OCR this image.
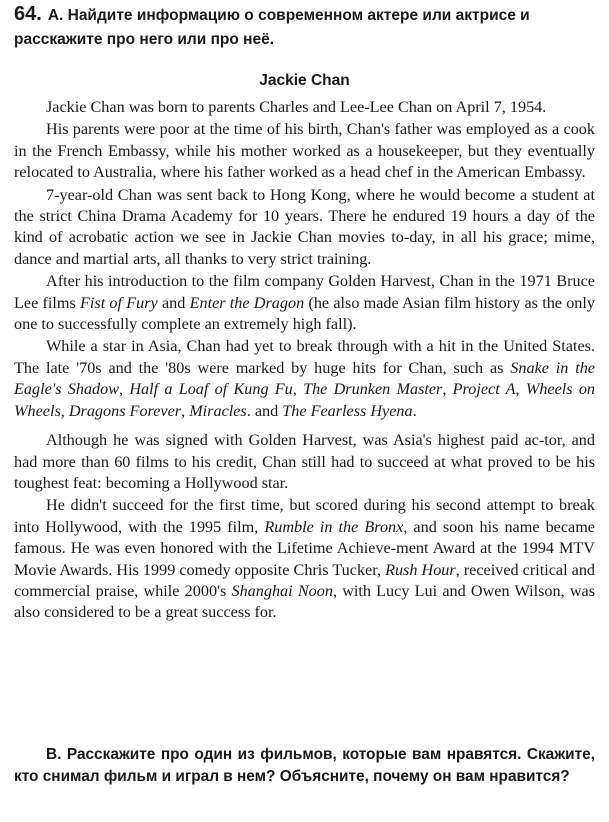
64. А. Найдите информацию о современном актере или актрисе и расскажите про него или про неё.
Jackie Chan

Jackie Chan was born to parents Charles and Lee-Lee Chan on April 7, 1954.

His parents were poor at the time of his birth, Chan's father was employed as a cook in the French Embassy, while his mother worked as a housekeeper, but they eventually relocated to Australia, where his father worked as a head chef in the American Embassy.

7-year-old Chan was sent back to Hong Kong, where he would become a student at the strict China Drama Academy for 10 years. There he endured 19 hours a day of the kind of acrobatic action we see in Jackie Chan movies to-day, in all his grace; mime, dance and martial arts, all thanks to very strict training.

After his introduction to the film company Golden Harvest, Chan in the 1971 Bruce Lee films Fist of Fury and Enter the Dragon (he also made Asian film history as the only one to successfully complete an extremely high fall).

While a star in Asia, Chan had yet to break through with a hit in the United States. The late '70s and the '80s were marked by huge hits for Chan, such as Snake in the Eagle's Shadow, Half a Loaf of Kung Fu, The Drunken Master, Project A, Wheels on Wheels, Dragons Forever, Miracles. and The Fearless Hyena.

Although he was signed with Golden Harvest, was Asia's highest paid ac-tor, and had more than 60 films to his credit, Chan still had to succeed at what proved to be his toughest feat: becoming a Hollywood star.

He didn't succeed for the first time, but scored during his second attempt to break into Hollywood, with the 1995 film, Rumble in the Bronx, and soon his name became famous. He was even honored with the Lifetime Achieve-ment Award at the 1994 MTV Movie Awards. His 1999 comedy opposite Chris Tucker, Rush Hour, received critical and commercial praise, while 2000's Shanghai Noon, with Lucy Lui and Owen Wilson, was also considered to be a great success for.

В. Расскажите про один из фильмов, которые вам нравятся. Скажите, кто снимал фильм и играл в нем? Объясните, почему он вам нравится?
